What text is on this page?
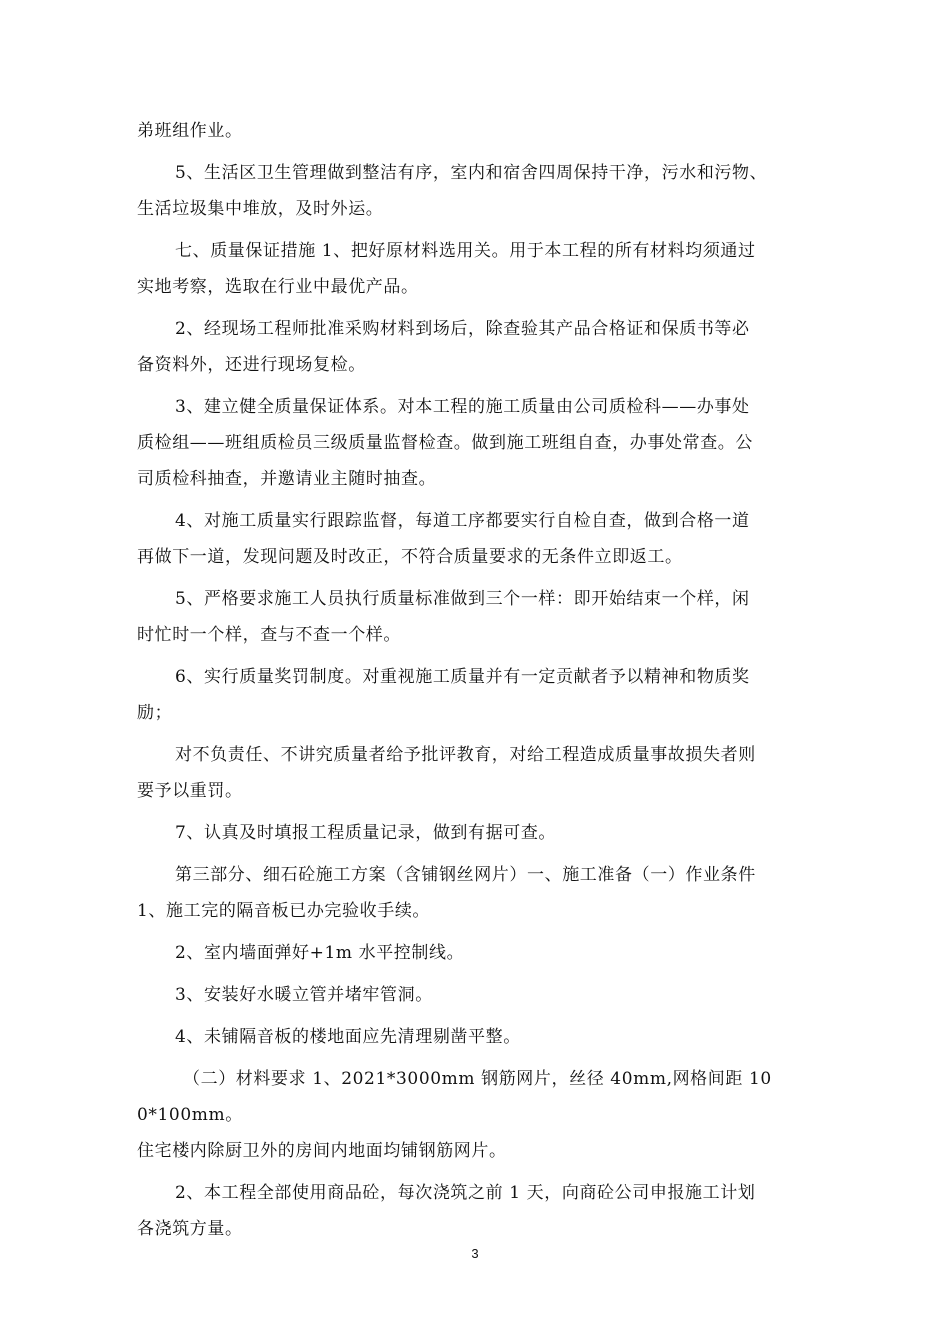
弟班组作业。
5、生活区卫生管理做到整洁有序，室内和宿舍四周保持干净，污水和污物、
生活垃圾集中堆放，及时外运。
七、质量保证措施 1、把好原材料选用关。用于本工程的所有材料均须通过
实地考察，选取在行业中最优产品。
2、经现场工程师批准采购材料到场后，除查验其产品合格证和保质书等必
备资料外，还进行现场复检。
3、建立健全质量保证体系。对本工程的施工质量由公司质检科——办事处
质检组——班组质检员三级质量监督检查。做到施工班组自查，办事处常查。公
司质检科抽查，并邀请业主随时抽查。
4、对施工质量实行跟踪监督，每道工序都要实行自检自查，做到合格一道
再做下一道，发现问题及时改正，不符合质量要求的无条件立即返工。
5、严格要求施工人员执行质量标准做到三个一样：即开始结束一个样，闲
时忙时一个样，查与不查一个样。
6、实行质量奖罚制度。对重视施工质量并有一定贡献者予以精神和物质奖
励；
对不负责任、不讲究质量者给予批评教育，对给工程造成质量事故损失者则
要予以重罚。
7、认真及时填报工程质量记录，做到有据可查。
第三部分、细石砼施工方案（含铺钢丝网片）一、施工准备（一）作业条件
1、施工完的隔音板已办完验收手续。
2、室内墙面弹好+1m 水平控制线。
3、安装好水暖立管并堵牢管洞。
4、未铺隔音板的楼地面应先清理剔凿平整。
（二）材料要求 1、2021*3000mm 钢筋网片，丝径 40mm,网格间距 10
0*100mm。
住宅楼内除厨卫外的房间内地面均铺钢筋网片。
2、本工程全部使用商品砼，每次浇筑之前 1 天，向商砼公司申报施工计划
各浇筑方量。
3
